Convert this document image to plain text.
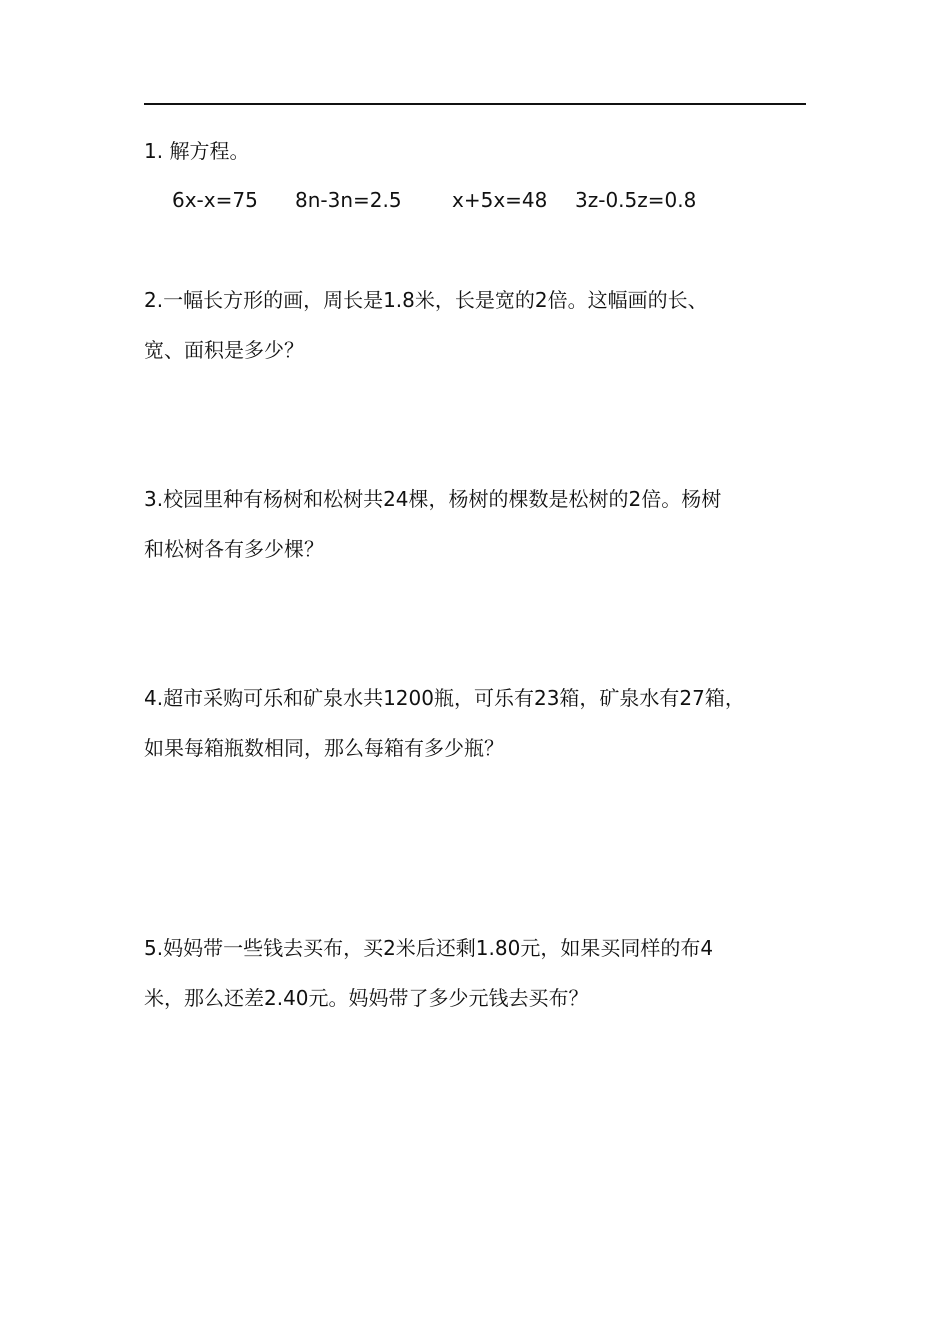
1. 解方程。
6x-x=75 8n-3n=2.5	x+5x=48 3z-0.5z=0.8
2.一幅长方形的画，周长是1.8米，长是宽的2倍。这幅画的长、
宽、面积是多少？
3.校园里种有杨树和松树共24棵，杨树的棵数是松树的2倍。杨树
和松树各有多少棵？
4.超市采购可乐和矿泉水共1200瓶，可乐有23箱，矿泉水有27箱，
如果每箱瓶数相同，那么每箱有多少瓶？
5.妈妈带一些钱去买布，买2米后还剩1.80元，如果买同样的布4
米，那么还差2.40元。妈妈带了多少元钱去买布？
